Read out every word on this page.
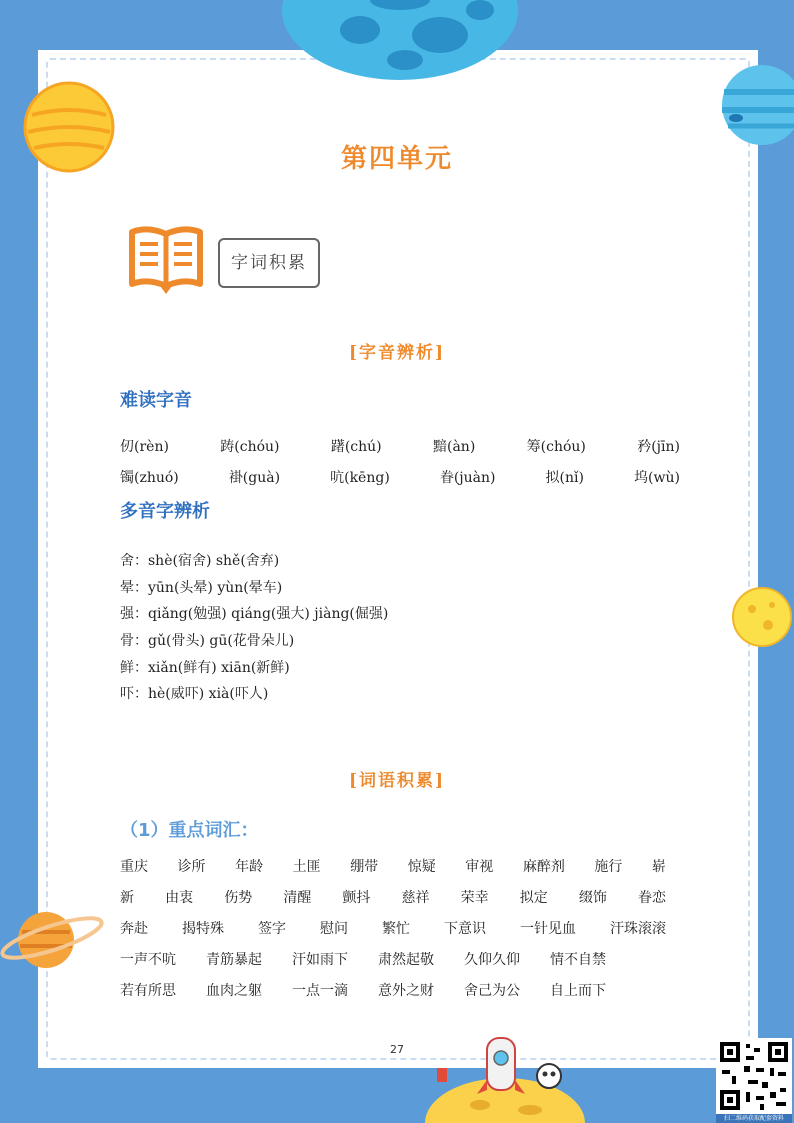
第四单元
字词积累
[字音辨析]
难读字音
仞(rèn)	踌(chóu)	躇(chú)	黯(àn)	筹(chóu)	矜(jīn)
镯(zhuó)	褂(guà)	吭(kēng)	眷(juàn)	拟(nǐ)	坞(wù)
多音字辨析
舍：shè(宿舍) shě(舍弃)
晕：yūn(头晕) yùn(晕车)
强：qiǎng(勉强) qiáng(强大) jiàng(倔强)
骨：gǔ(骨头) gū(花骨朵儿)
鲜：xiǎn(鲜有) xiān(新鲜)
吓：hè(威吓) xià(吓人)
[词语积累]
（1）重点词汇：
重庆 诊所 年龄 土匪 绷带 惊疑 审视 麻醉剂 施行 崭
新 由衷 伤势 清醒 颤抖 慈祥 荣幸 拟定 缀饰 眷恋
奔赴 揭特殊 签字 慰问 繁忙 下意识 一针见血 汗珠滚滚
一声不吭 青筋暴起 汗如雨下 肃然起敬 久仰久仰 情不自禁
若有所思 血肉之躯 一点一滴 意外之财 舍己为公 自上而下
27
扫二维码获取配套资料
